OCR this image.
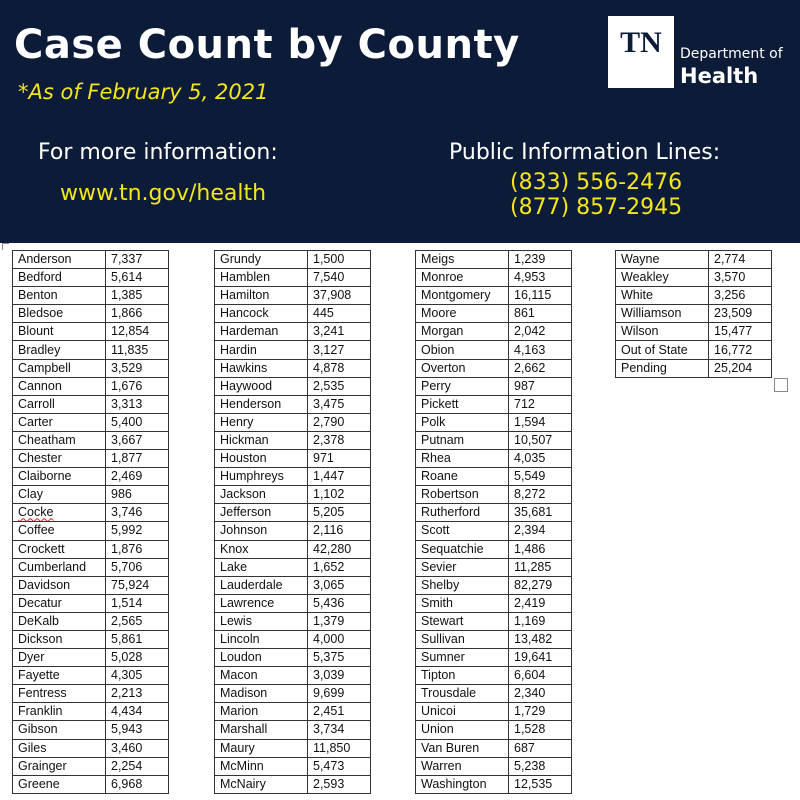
Case Count by County
*As of February 5, 2021
TN	Department of
Health
For more information:
www.tn.gov/health
Public Information Lines:
(833) 556-2476
(877) 857-2945
Anderson	7,337
Bedford	5,614
Benton	1,385
Bledsoe	1,866
Blount	12,854
Bradley	11,835
Campbell	3,529
Cannon	1,676
Carroll	3,313
Carter	5,400
Cheatham	3,667
Chester	1,877
Claiborne	2,469
Clay	986
Cocke	3,746
Coffee	5,992
Crockett	1,876
Cumberland	5,706
Davidson	75,924
Decatur	1,514
DeKalb	2,565
Dickson	5,861
Dyer	5,028
Fayette	4,305
Fentress	2,213
Franklin	4,434
Gibson	5,943
Giles	3,460
Grainger	2,254
Greene	6,968
Grundy	1,500
Hamblen	7,540
Hamilton	37,908
Hancock	445
Hardeman	3,241
Hardin	3,127
Hawkins	4,878
Haywood	2,535
Henderson	3,475
Henry	2,790
Hickman	2,378
Houston	971
Humphreys	1,447
Jackson	1,102
Jefferson	5,205
Johnson	2,116
Knox	42,280
Lake	1,652
Lauderdale	3,065
Lawrence	5,436
Lewis	1,379
Lincoln	4,000
Loudon	5,375
Macon	3,039
Madison	9,699
Marion	2,451
Marshall	3,734
Maury	11,850
McMinn	5,473
McNairy	2,593
Meigs	1,239
Monroe	4,953
Montgomery	16,115
Moore	861
Morgan	2,042
Obion	4,163
Overton	2,662
Perry	987
Pickett	712
Polk	1,594
Putnam	10,507
Rhea	4,035
Roane	5,549
Robertson	8,272
Rutherford	35,681
Scott	2,394
Sequatchie	1,486
Sevier	11,285
Shelby	82,279
Smith	2,419
Stewart	1,169
Sullivan	13,482
Sumner	19,641
Tipton	6,604
Trousdale	2,340
Unicoi	1,729
Union	1,528
Van Buren	687
Warren	5,238
Washington	12,535
Wayne	2,774
Weakley	3,570
White	3,256
Williamson	23,509
Wilson	15,477
Out of State	16,772
Pending	25,204
